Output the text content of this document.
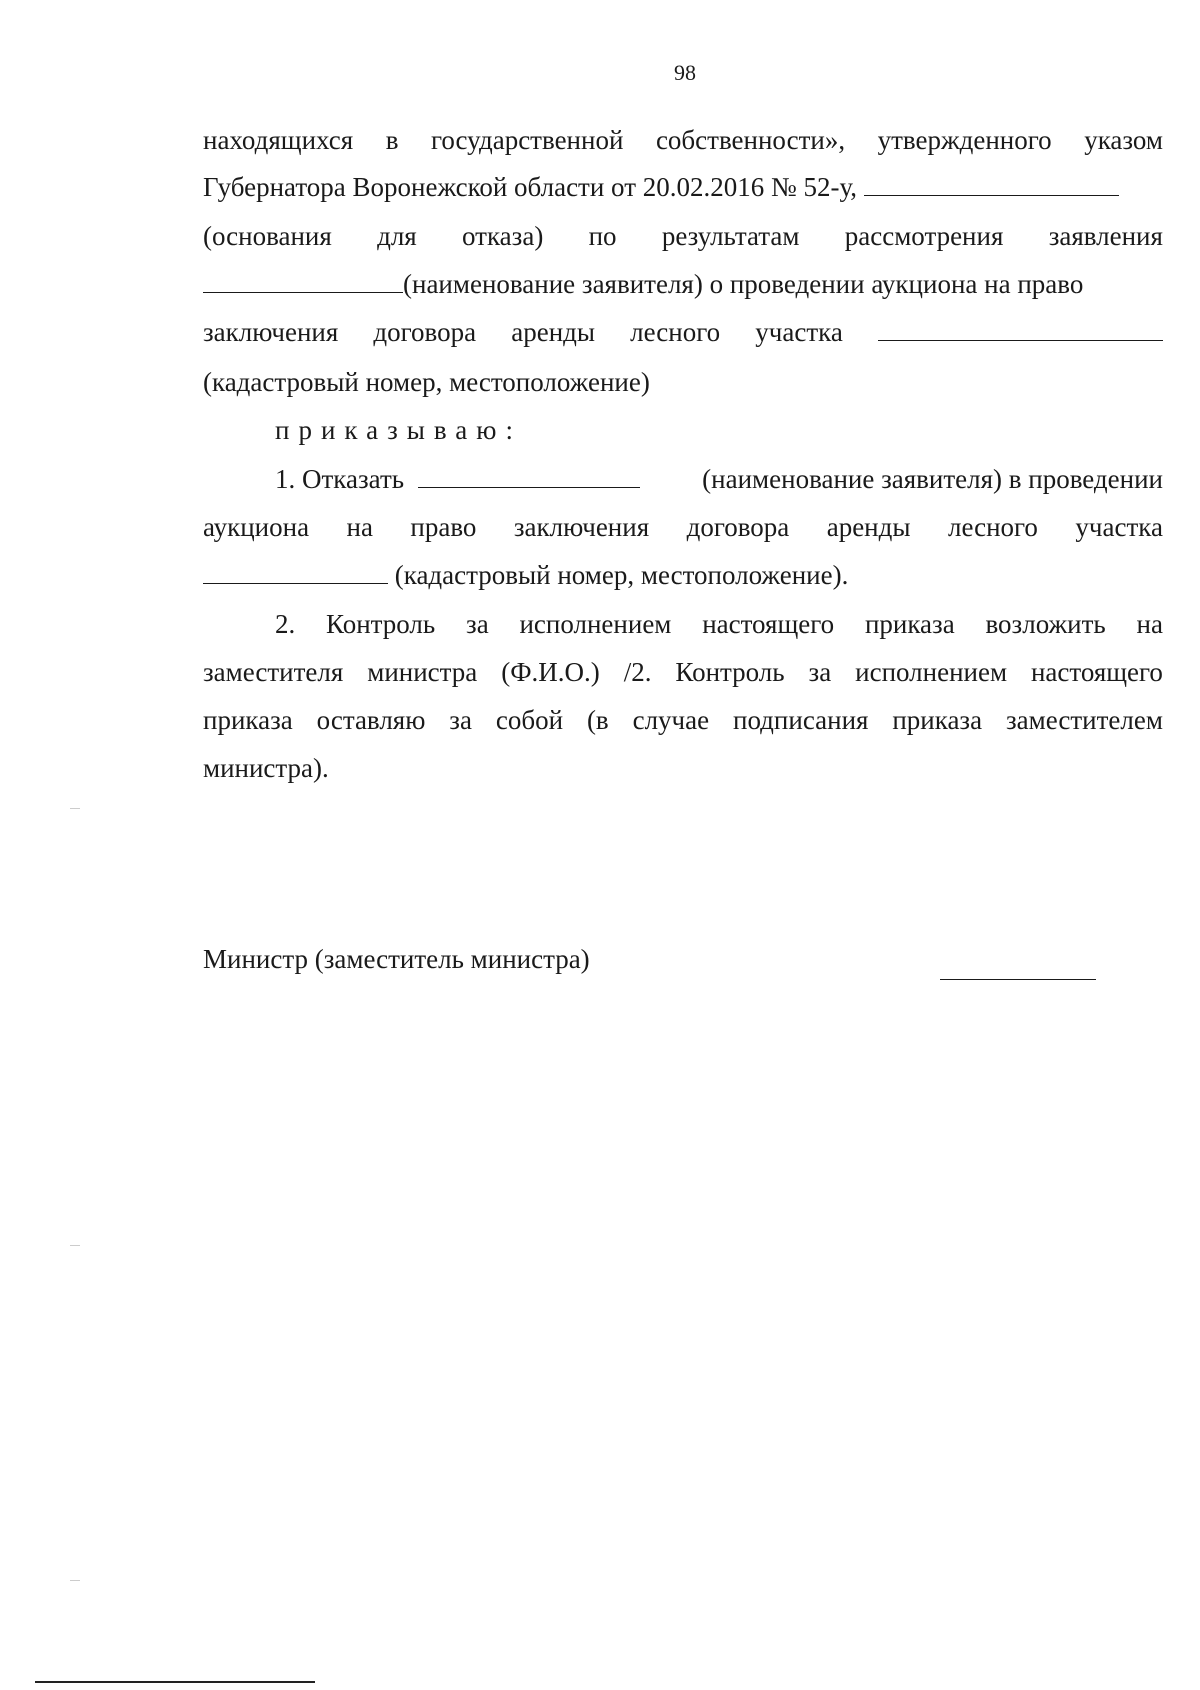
98
находящихся в государственной собственности», утвержденного указом
Губернатора Воронежской области от 20.02.2016 № 52-у,
(основания для отказа) по результатам рассмотрения заявления
(наименование заявителя) о проведении аукциона на право
заключения договора аренды лесного участка
(кадастровый номер, местоположение)
приказываю:
1. Отказать	(наименование заявителя) в проведении
аукциона на право заключения договора аренды лесного участка
(кадастровый номер, местоположение).
2. Контроль за исполнением настоящего приказа возложить на
заместителя министра (Ф.И.О.) /2. Контроль за исполнением настоящего
приказа оставляю за собой (в случае подписания приказа заместителем
министра).
Министр (заместитель министра)
